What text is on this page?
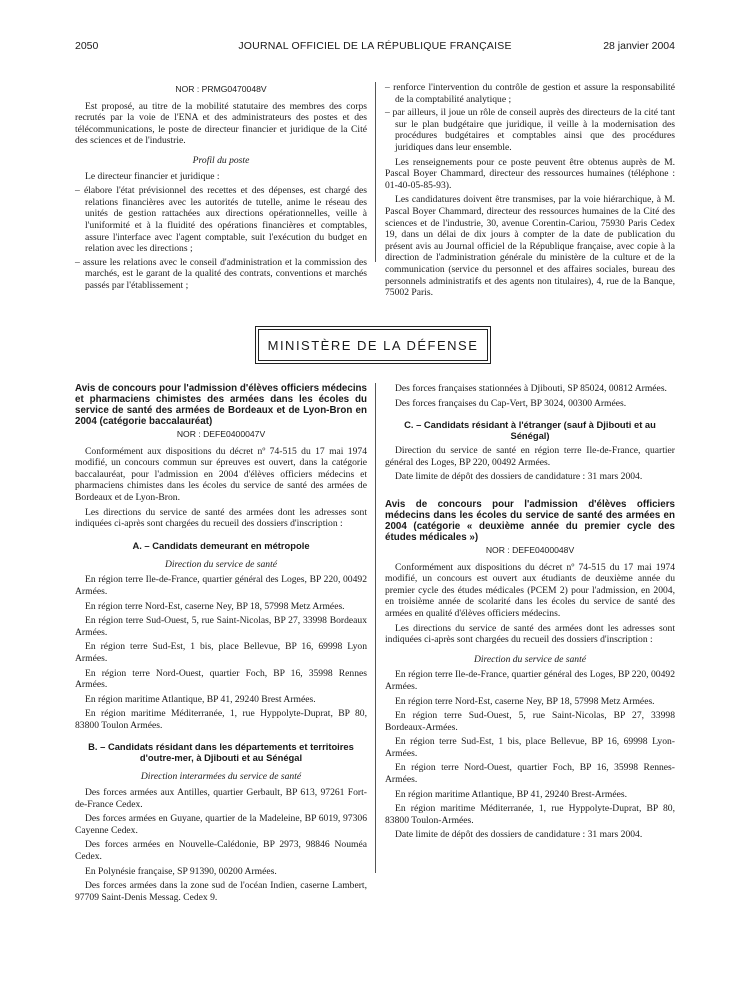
2050	JOURNAL OFFICIEL DE LA RÉPUBLIQUE FRANÇAISE	28 janvier 2004

NOR : PRMG0470048V

Est proposé, au titre de la mobilité statutaire des membres des corps recrutés par la voie de l'ENA et des administrateurs des postes et des télécommunications, le poste de directeur financier et juridique de la Cité des sciences et de l'industrie.

Profil du poste

Le directeur financier et juridique :

– élabore l'état prévisionnel des recettes et des dépenses, est chargé des relations financières avec les autorités de tutelle, anime le réseau des unités de gestion rattachées aux directions opérationnelles, veille à l'uniformité et à la fluidité des opérations financières et comptables, assure l'interface avec l'agent comptable, suit l'exécution du budget en relation avec les directions ;
– assure les relations avec le conseil d'administration et la commission des marchés, est le garant de la qualité des contrats, conventions et marchés passés par l'établissement ;
– renforce l'intervention du contrôle de gestion et assure la responsabilité de la comptabilité analytique ;
– par ailleurs, il joue un rôle de conseil auprès des directeurs de la cité tant sur le plan budgétaire que juridique, il veille à la modernisation des procédures budgétaires et comptables ainsi que des procédures juridiques dans leur ensemble.

Les renseignements pour ce poste peuvent être obtenus auprès de M. Pascal Boyer Chammard, directeur des ressources humaines (téléphone : 01-40-05-85-93).

Les candidatures doivent être transmises, par la voie hiérarchique, à M. Pascal Boyer Chammard, directeur des ressources humaines de la Cité des sciences et de l'industrie, 30, avenue Corentin-Cariou, 75930 Paris Cedex 19, dans un délai de dix jours à compter de la date de publication du présent avis au Journal officiel de la République française, avec copie à la direction de l'administration générale du ministère de la culture et de la communication (service du personnel et des affaires sociales, bureau des personnels administratifs et des agents non titulaires), 4, rue de la Banque, 75002 Paris.

MINISTÈRE DE LA DÉFENSE

Avis de concours pour l'admission d'élèves officiers médecins et pharmaciens chimistes des armées dans les écoles du service de santé des armées de Bordeaux et de Lyon-Bron en 2004 (catégorie baccalauréat)

NOR : DEFE0400047V

Conformément aux dispositions du décret nº 74-515 du 17 mai 1974 modifié, un concours commun sur épreuves est ouvert, dans la catégorie baccalauréat, pour l'admission en 2004 d'élèves officiers médecins et pharmaciens chimistes dans les écoles du service de santé des armées de Bordeaux et de Lyon-Bron.

Les directions du service de santé des armées dont les adresses sont indiquées ci-après sont chargées du recueil des dossiers d'inscription :

A. – Candidats demeurant en métropole

Direction du service de santé

En région terre Ile-de-France, quartier général des Loges, BP 220, 00492 Armées.

En région terre Nord-Est, caserne Ney, BP 18, 57998 Metz Armées.

En région terre Sud-Ouest, 5, rue Saint-Nicolas, BP 27, 33998 Bordeaux Armées.

En région terre Sud-Est, 1 bis, place Bellevue, BP 16, 69998 Lyon Armées.

En région terre Nord-Ouest, quartier Foch, BP 16, 35998 Rennes Armées.

En région maritime Atlantique, BP 41, 29240 Brest Armées.

En région maritime Méditerranée, 1, rue Hyppolyte-Duprat, BP 80, 83800 Toulon Armées.

B. – Candidats résidant dans les départements et territoires d'outre-mer, à Djibouti et au Sénégal

Direction interarmées du service de santé

Des forces armées aux Antilles, quartier Gerbault, BP 613, 97261 Fort-de-France Cedex.

Des forces armées en Guyane, quartier de la Madeleine, BP 6019, 97306 Cayenne Cedex.

Des forces armées en Nouvelle-Calédonie, BP 2973, 98846 Nouméa Cedex.

En Polynésie française, SP 91390, 00200 Armées.

Des forces armées dans la zone sud de l'océan Indien, caserne Lambert, 97709 Saint-Denis Messag. Cedex 9.

Des forces françaises stationnées à Djibouti, SP 85024, 00812 Armées.

Des forces françaises du Cap-Vert, BP 3024, 00300 Armées.

C. – Candidats résidant à l'étranger (sauf à Djibouti et au Sénégal)

Direction du service de santé en région terre Ile-de-France, quartier général des Loges, BP 220, 00492 Armées.

Date limite de dépôt des dossiers de candidature : 31 mars 2004.

Avis de concours pour l'admission d'élèves officiers médecins dans les écoles du service de santé des armées en 2004 (catégorie « deuxième année du premier cycle des études médicales »)

NOR : DEFE0400048V

Conformément aux dispositions du décret nº 74-515 du 17 mai 1974 modifié, un concours est ouvert aux étudiants de deuxième année du premier cycle des études médicales (PCEM 2) pour l'admission, en 2004, en troisième année de scolarité dans les écoles du service de santé des armées en qualité d'élèves officiers médecins.

Les directions du service de santé des armées dont les adresses sont indiquées ci-après sont chargées du recueil des dossiers d'inscription :

Direction du service de santé

En région terre Ile-de-France, quartier général des Loges, BP 220, 00492 Armées.

En région terre Nord-Est, caserne Ney, BP 18, 57998 Metz Armées.

En région terre Sud-Ouest, 5, rue Saint-Nicolas, BP 27, 33998 Bordeaux-Armées.

En région terre Sud-Est, 1 bis, place Bellevue, BP 16, 69998 Lyon-Armées.

En région terre Nord-Ouest, quartier Foch, BP 16, 35998 Rennes-Armées.

En région maritime Atlantique, BP 41, 29240 Brest-Armées.

En région maritime Méditerranée, 1, rue Hyppolyte-Duprat, BP 80, 83800 Toulon-Armées.

Date limite de dépôt des dossiers de candidature : 31 mars 2004.
